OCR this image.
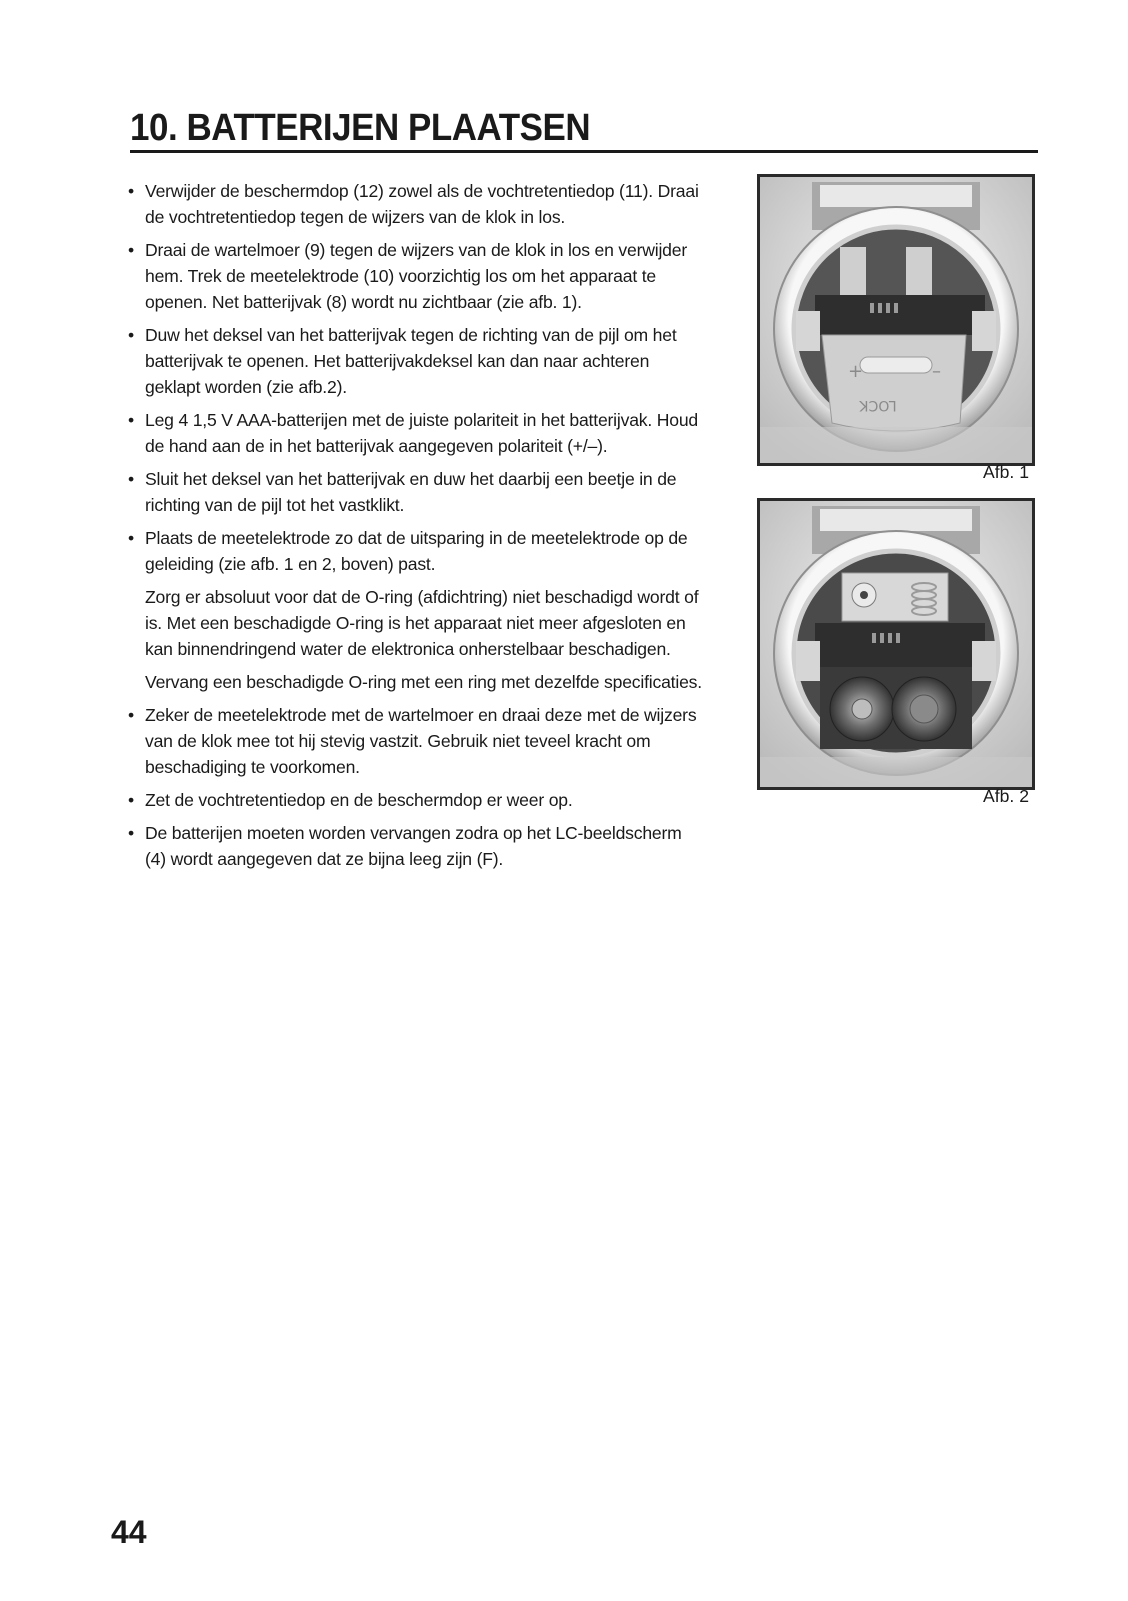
10. BATTERIJEN PLAATSEN
• Verwijder de beschermdop (12) zowel als de vochtretentiedop (11). Draai de vochtretentiedop tegen de wijzers van de klok in los.
• Draai de wartelmoer (9) tegen de wijzers van de klok in los en verwijder hem. Trek de meetelektrode (10) voorzichtig los om het apparaat te openen. Net batterijvak (8) wordt nu zichtbaar (zie afb. 1).
• Duw het deksel van het batterijvak tegen de richting van de pijl om het batterijvak te openen. Het batterijvakdeksel kan dan naar achteren geklapt worden (zie afb.2).
• Leg 4 1,5 V AAA-batterijen met de juiste polariteit in het batterijvak. Houd de hand aan de in het batterijvak aangegeven polariteit (+/–).
• Sluit het deksel van het batterijvak en duw het daarbij een beetje in de richting van de pijl tot het vastklikt.
• Plaats de meetelektrode zo dat de uitsparing in de meetelektrode op de geleiding (zie afb. 1 en 2, boven) past.
Zorg er absoluut voor dat de O-ring (afdichtring) niet beschadigd wordt of is. Met een beschadigde O-ring is het apparaat niet meer afgesloten en kan binnendringend water de elektronica onherstelbaar beschadigen.
Vervang een beschadigde O-ring met een ring met dezelfde specificaties.
• Zeker de meetelektrode met de wartelmoer en draai deze met de wijzers van de klok mee tot hij stevig vastzit. Gebruik niet teveel kracht om beschadiging te voorkomen.
• Zet de vochtretentiedop en de beschermdop er weer op.
• De batterijen moeten worden vervangen zodra op het LC-beeldscherm (4) wordt aangegeven dat ze bijna leeg zijn (F).
+	–
LOCK
Afb. 1
Afb. 2
44
